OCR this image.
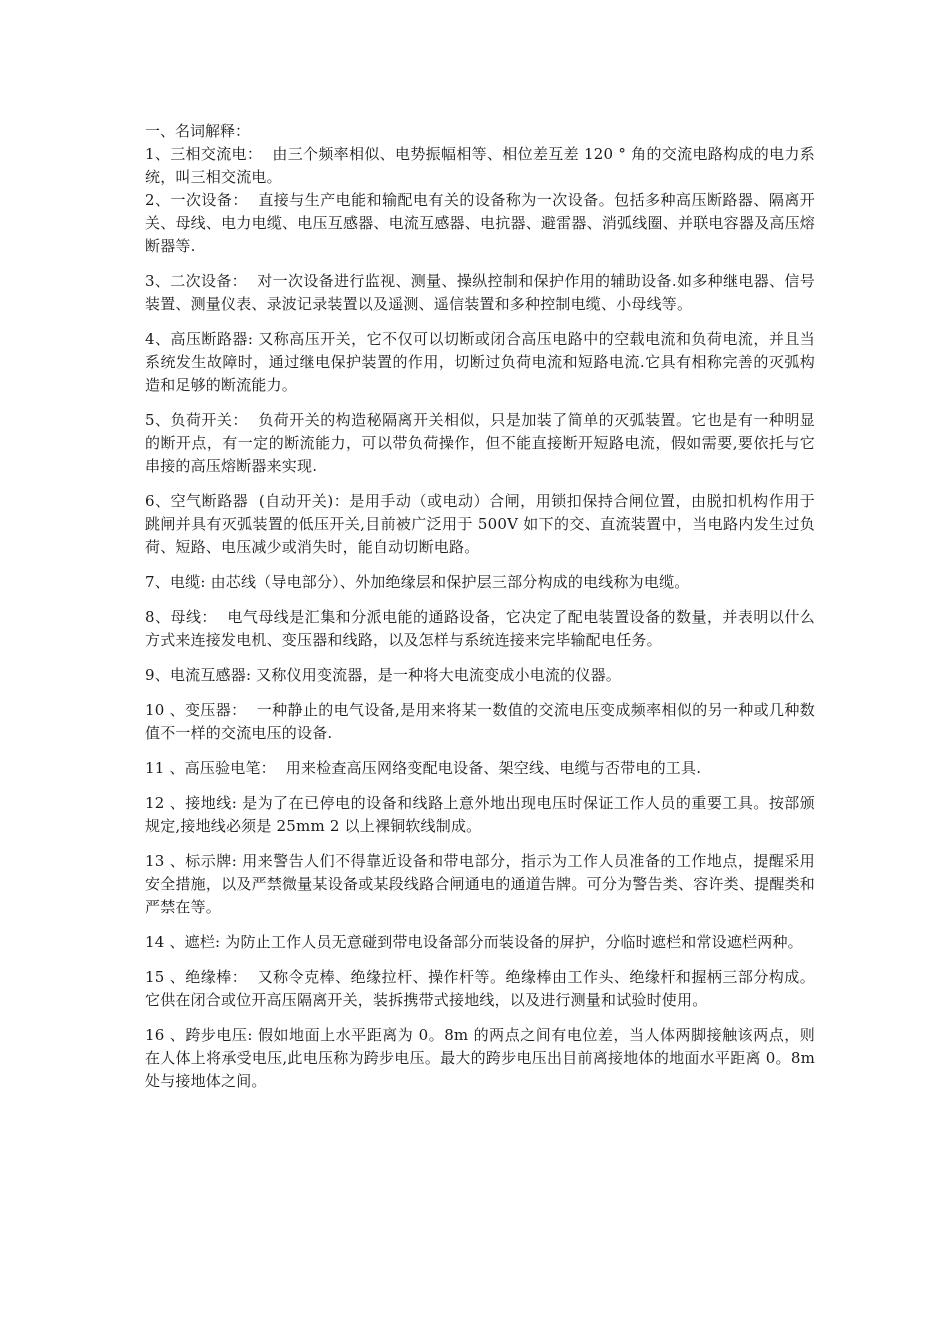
一、名词解释：

1、三相交流电：  由三个频率相似、电势振幅相等、相位差互差 120 ° 角的交流电路构成的电力系统，叫三相交流电。

2、一次设备：  直接与生产电能和输配电有关的设备称为一次设备。包括多种高压断路器、隔离开关、母线、电力电缆、电压互感器、电流互感器、电抗器、避雷器、消弧线圈、并联电容器及高压熔断器等.

3、二次设备：  对一次设备进行监视、测量、操纵控制和保护作用的辅助设备.如多种继电器、信号装置、测量仪表、录波记录装置以及遥测、遥信装置和多种控制电缆、小母线等。

4、高压断路器: 又称高压开关，它不仅可以切断或闭合高压电路中的空载电流和负荷电流，并且当系统发生故障时，通过继电保护装置的作用，切断过负荷电流和短路电流.它具有相称完善的灭弧构造和足够的断流能力。

5、负荷开关：  负荷开关的构造秘隔离开关相似，只是加装了简单的灭弧装置。它也是有一种明显的断开点，有一定的断流能力，可以带负荷操作，但不能直接断开短路电流，假如需要,要依托与它串接的高压熔断器来实现.

6、空气断路器  (自动开关)：是用手动（或电动）合闸，用锁扣保持合闸位置，由脱扣机构作用于跳闸并具有灭弧装置的低压开关,目前被广泛用于 500V 如下的交、直流装置中，当电路内发生过负荷、短路、电压减少或消失时，能自动切断电路。

7、电缆: 由芯线（导电部分）、外加绝缘层和保护层三部分构成的电线称为电缆。

8、母线：  电气母线是汇集和分派电能的通路设备，它决定了配电装置设备的数量，并表明以什么方式来连接发电机、变压器和线路，以及怎样与系统连接来完毕输配电任务。

9、电流互感器: 又称仪用变流器，是一种将大电流变成小电流的仪器。

10 、变压器：  一种静止的电气设备,是用来将某一数值的交流电压变成频率相似的另一种或几种数值不一样的交流电压的设备.

11 、高压验电笔：  用来检查高压网络变配电设备、架空线、电缆与否带电的工具.

12 、接地线: 是为了在已停电的设备和线路上意外地出现电压时保证工作人员的重要工具。按部颁规定,接地线必须是 25mm 2 以上裸铜软线制成。

13 、标示牌: 用来警告人们不得靠近设备和带电部分，指示为工作人员准备的工作地点，提醒采用安全措施，以及严禁微量某设备或某段线路合闸通电的通道告牌。可分为警告类、容许类、提醒类和严禁在等。

14 、遮栏: 为防止工作人员无意碰到带电设备部分而装设备的屏护，分临时遮栏和常设遮栏两种。

15 、绝缘棒：  又称令克棒、绝缘拉杆、操作杆等。绝缘棒由工作头、绝缘杆和握柄三部分构成。它供在闭合或位开高压隔离开关，装拆携带式接地线，以及进行测量和试验时使用。

16 、跨步电压: 假如地面上水平距离为 0。8m 的两点之间有电位差，当人体两脚接触该两点，则在人体上将承受电压,此电压称为跨步电压。最大的跨步电压出目前离接地体的地面水平距离 0。8m 处与接地体之间。
